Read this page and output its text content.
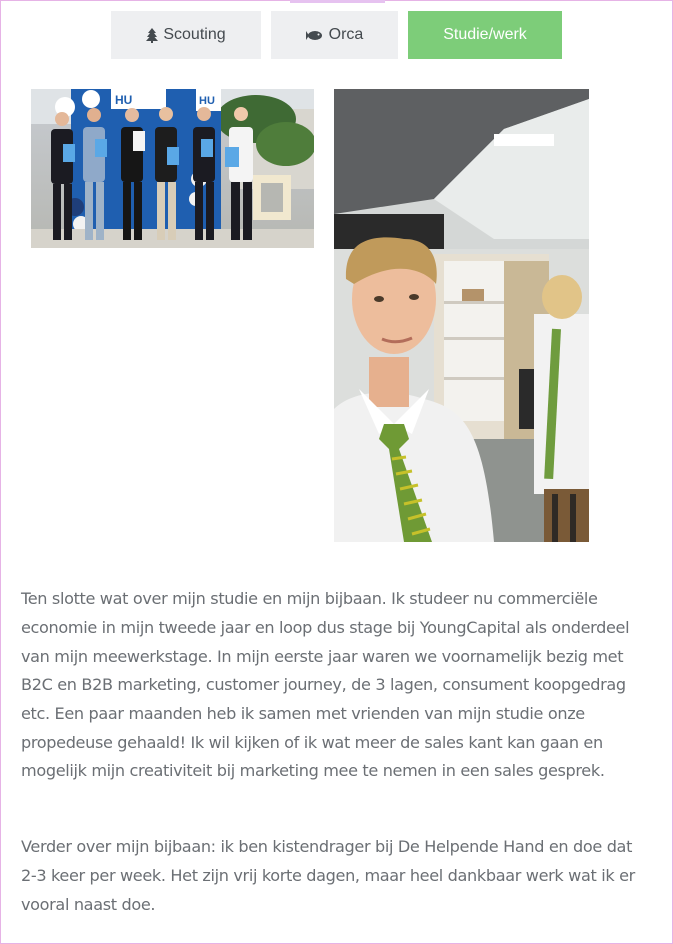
Scouting	Orca	Studie/werk
HU	HU

Ten slotte wat over mijn studie en mijn bijbaan. Ik studeer nu commerciële economie in mijn tweede jaar en loop dus stage bij YoungCapital als onderdeel van mijn meewerkstage. In mijn eerste jaar waren we voornamelijk bezig met B2C en B2B marketing, customer journey, de 3 lagen, consument koopgedrag etc. Een paar maanden heb ik samen met vrienden van mijn studie onze propedeuse gehaald! Ik wil kijken of ik wat meer de sales kant kan gaan en mogelijk mijn creativiteit bij marketing mee te nemen in een sales gesprek.

Verder over mijn bijbaan: ik ben kistendrager bij De Helpende Hand en doe dat 2-3 keer per week. Het zijn vrij korte dagen, maar heel dankbaar werk wat ik er vooral naast doe.
